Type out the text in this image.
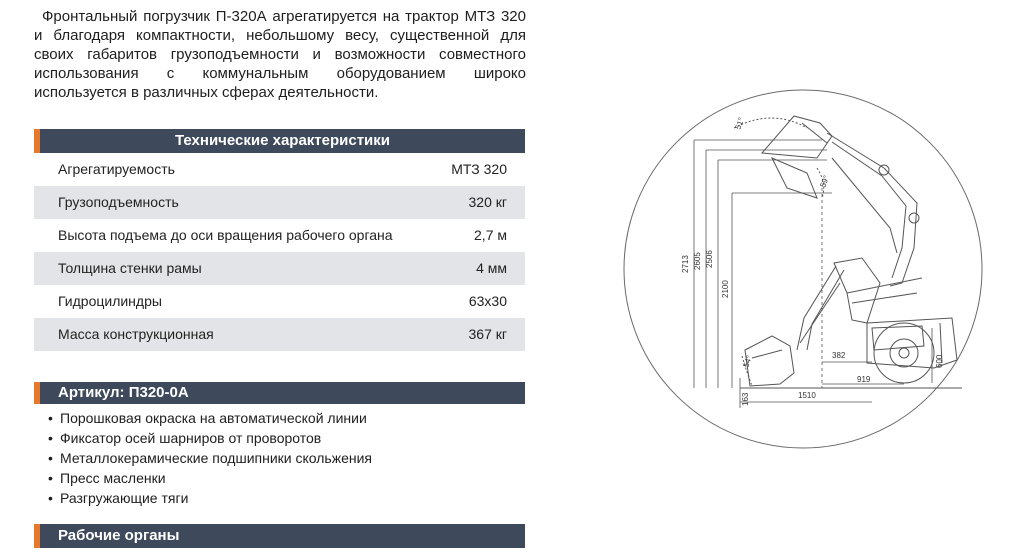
Фронтальный погрузчик П-320А агрегатируется на трактор МТЗ 320 и благодаря компактности, небольшому весу, существенной для своих габаритов грузоподъемности и возможности совместного использования с коммунальным оборудованием широко используется в различных сферах деятельности.

Технические характеристики
Агрегатируемость	МТЗ 320
Грузоподъемность	320 кг
Высота подъема до оси вращения рабочего органа	2,7 м
Толщина стенки рамы	4 мм
Гидроцилиндры	63х30
Масса конструкционная	367 кг
Артикул: П320-0А
• Порошковая окраска на автоматической линии
• Фиксатор осей шарниров от проворотов
• Металлокерамические подшипники скольжения
• Пресс масленки
• Разгружающие тяги
Рабочие органы
2713 2605 2506
2100
163
382
919
1510
600
51°
59°
54°
